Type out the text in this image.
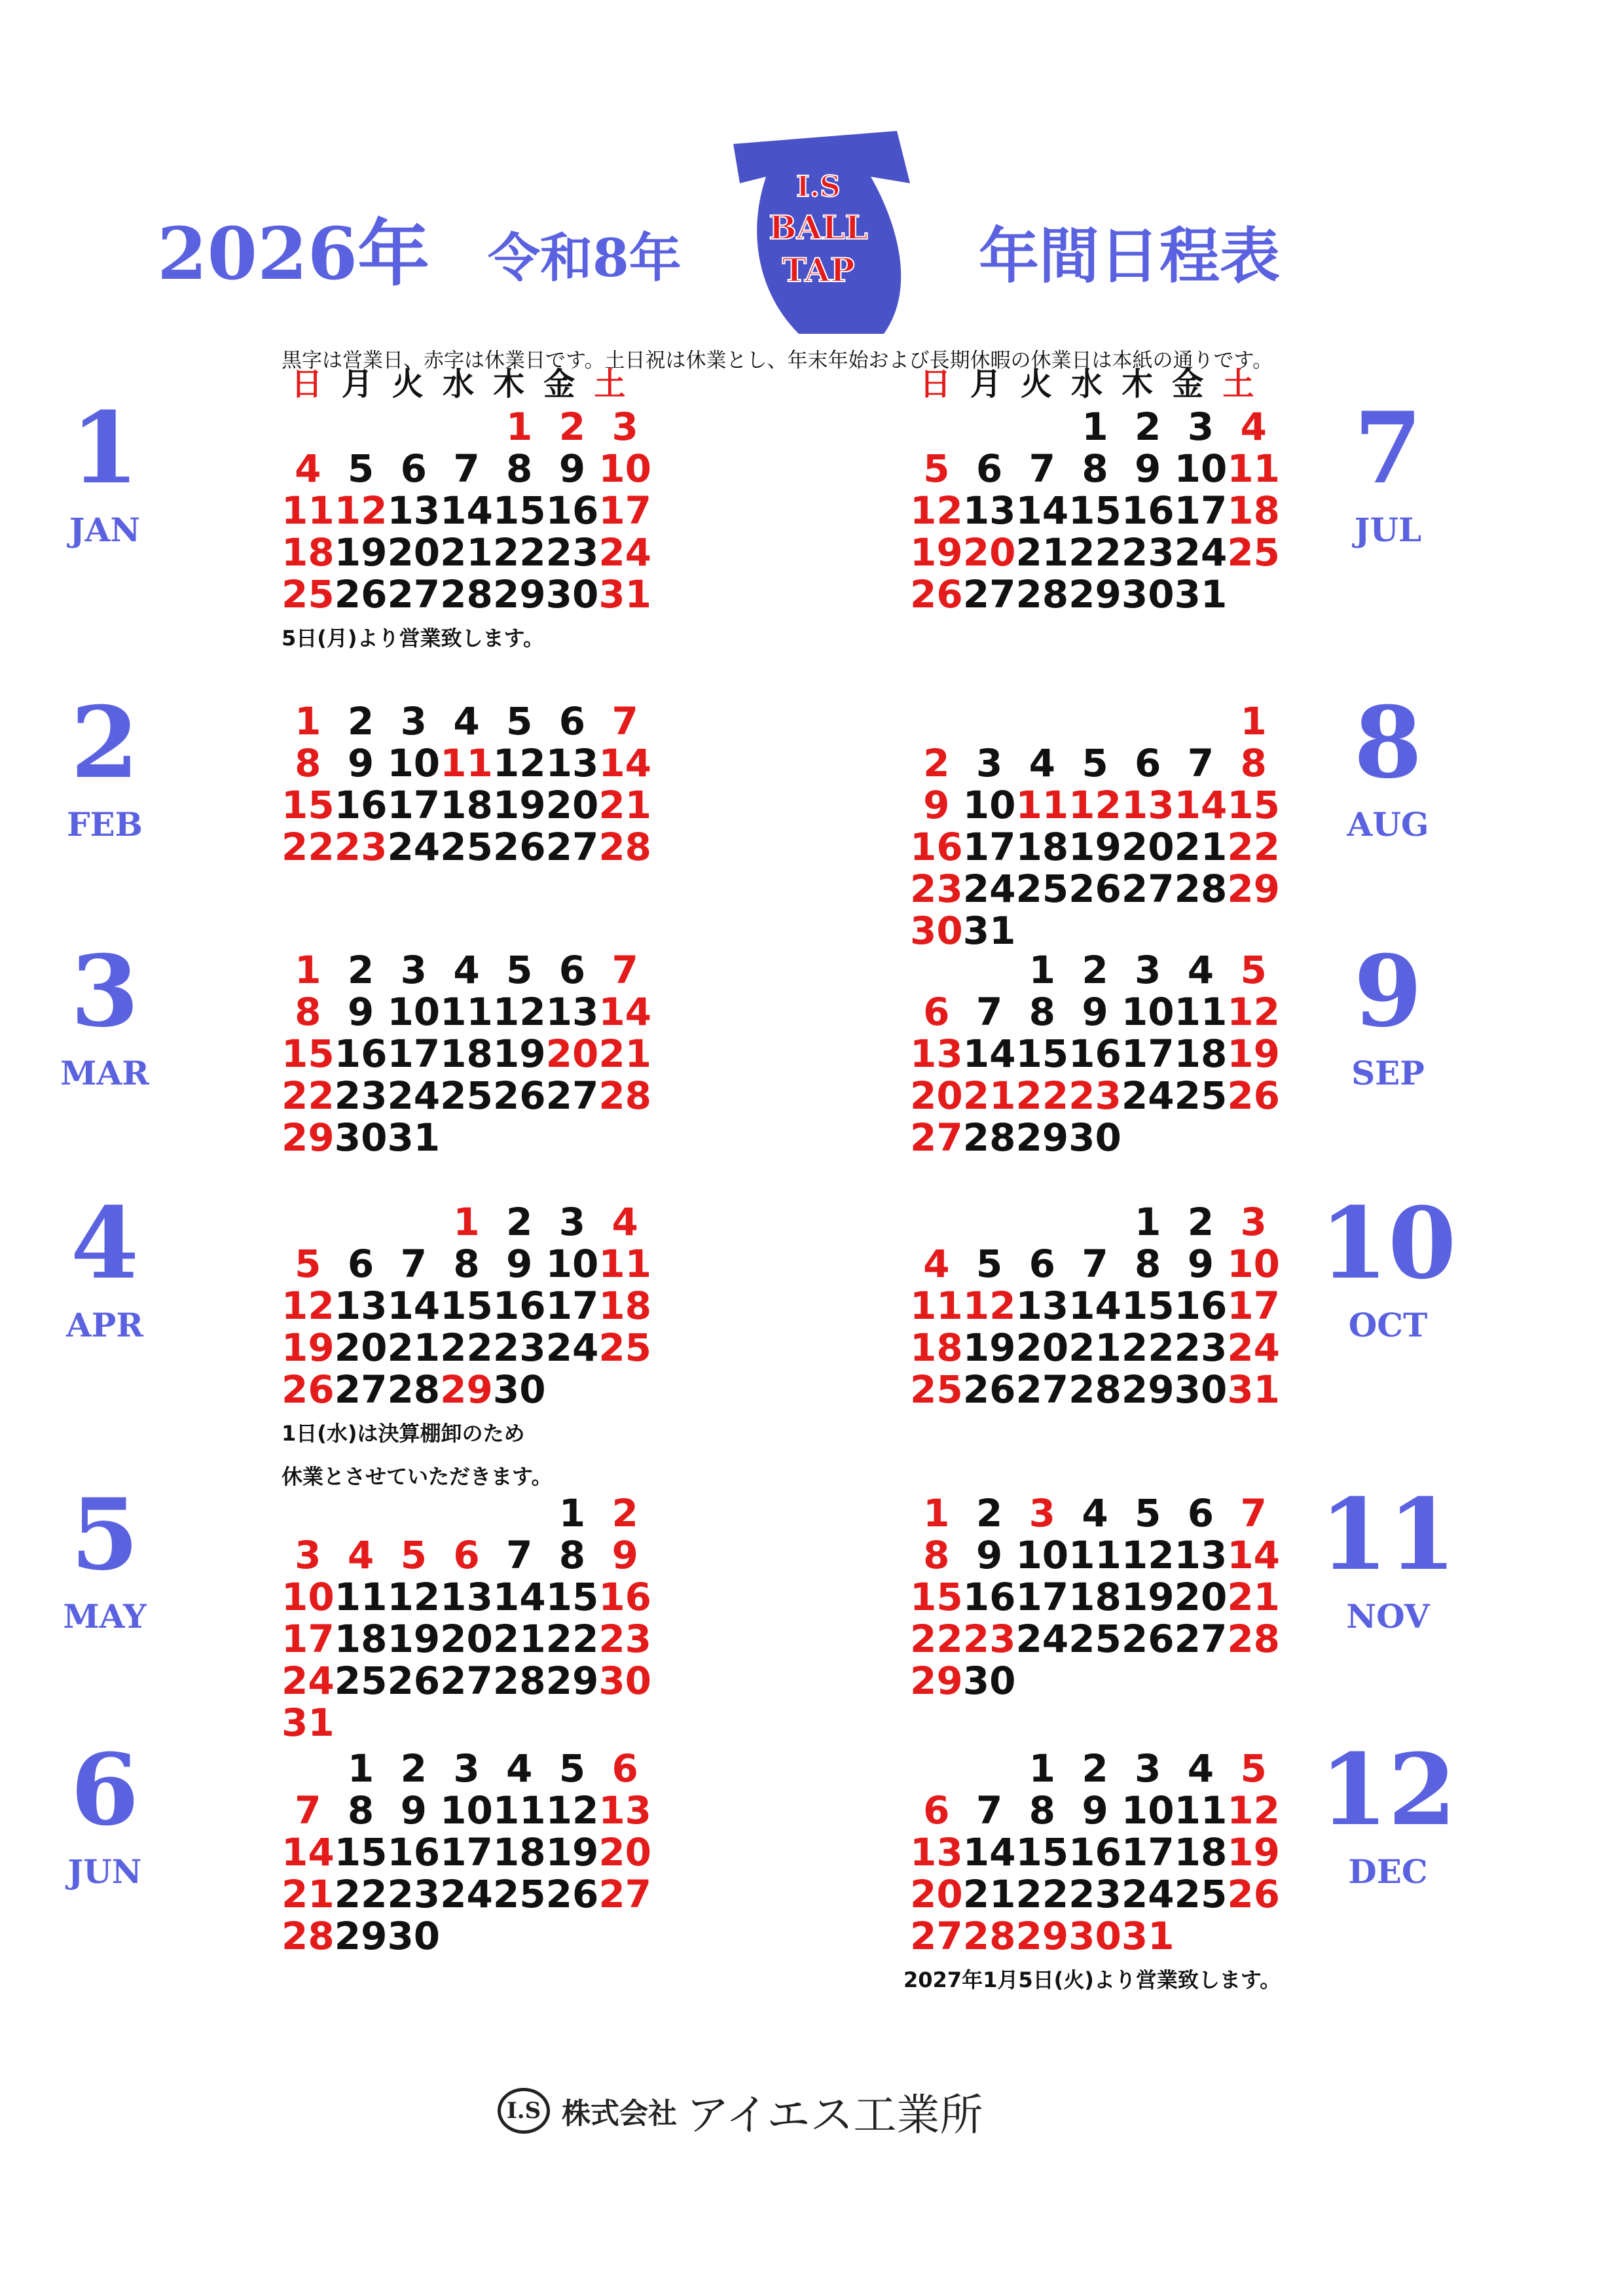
2026年 令和8年
I.S
BALL
TAP 年間日程表
黒字は営業日、赤字は休業日です。土日祝は休業とし、年末年始および長期休暇の休業日は本紙の通りです。
日 月 火 水 木 金 土
1 2 3
4 5 6 7 8 9 10
11 12 13 14 15 16 17
18 19 20 21 22 23 24
25 26 27 28 29 30 31
1
JAN
5日(月)より営業致します。
1 2 3 4 5 6 7
8 9 10 11 12 13 14
15 16 17 18 19 20 21
22 23 24 25 26 27 28
2
FEB
1 2 3 4 5 6 7
8 9 10 11 12 13 14
15 16 17 18 19 20 21
22 23 24 25 26 27 28
29 30 31
3
MAR
1 2 3 4
5 6 7 8 9 10 11
12 13 14 15 16 17 18
19 20 21 22 23 24 25
26 27 28 29 30
4
APR
1日(水)は決算棚卸のため
休業とさせていただきます。
1 2
3 4 5 6 7 8 9
10 11 12 13 14 15 16
17 18 19 20 21 22 23
24 25 26 27 28 29 30
31
5
MAY
1 2 3 4 5 6
7 8 9 10 11 12 13
14 15 16 17 18 19 20
21 22 23 24 25 26 27
28 29 30
6
JUN
日 月 火 水 木 金 土
1 2 3 4
5 6 7 8 9 10 11
12 13 14 15 16 17 18
19 20 21 22 23 24 25
26 27 28 29 30 31
7
JUL
1
2 3 4 5 6 7 8
9 10 11 12 13 14 15
16 17 18 19 20 21 22
23 24 25 26 27 28 29
30 31
8
AUG
1 2 3 4 5
6 7 8 9 10 11 12
13 14 15 16 17 18 19
20 21 22 23 24 25 26
27 28 29 30
9
SEP
1 2 3
4 5 6 7 8 9 10
11 12 13 14 15 16 17
18 19 20 21 22 23 24
25 26 27 28 29 30 31
10
OCT
1 2 3 4 5 6 7
8 9 10 11 12 13 14
15 16 17 18 19 20 21
22 23 24 25 26 27 28
29 30
11
NOV
1 2 3 4 5
6 7 8 9 10 11 12
13 14 15 16 17 18 19
20 21 22 23 24 25 26
27 28 29 30 31
12
DEC
2027年1月5日(火)より営業致します。
I.S 株式会社 アイエス工業所
